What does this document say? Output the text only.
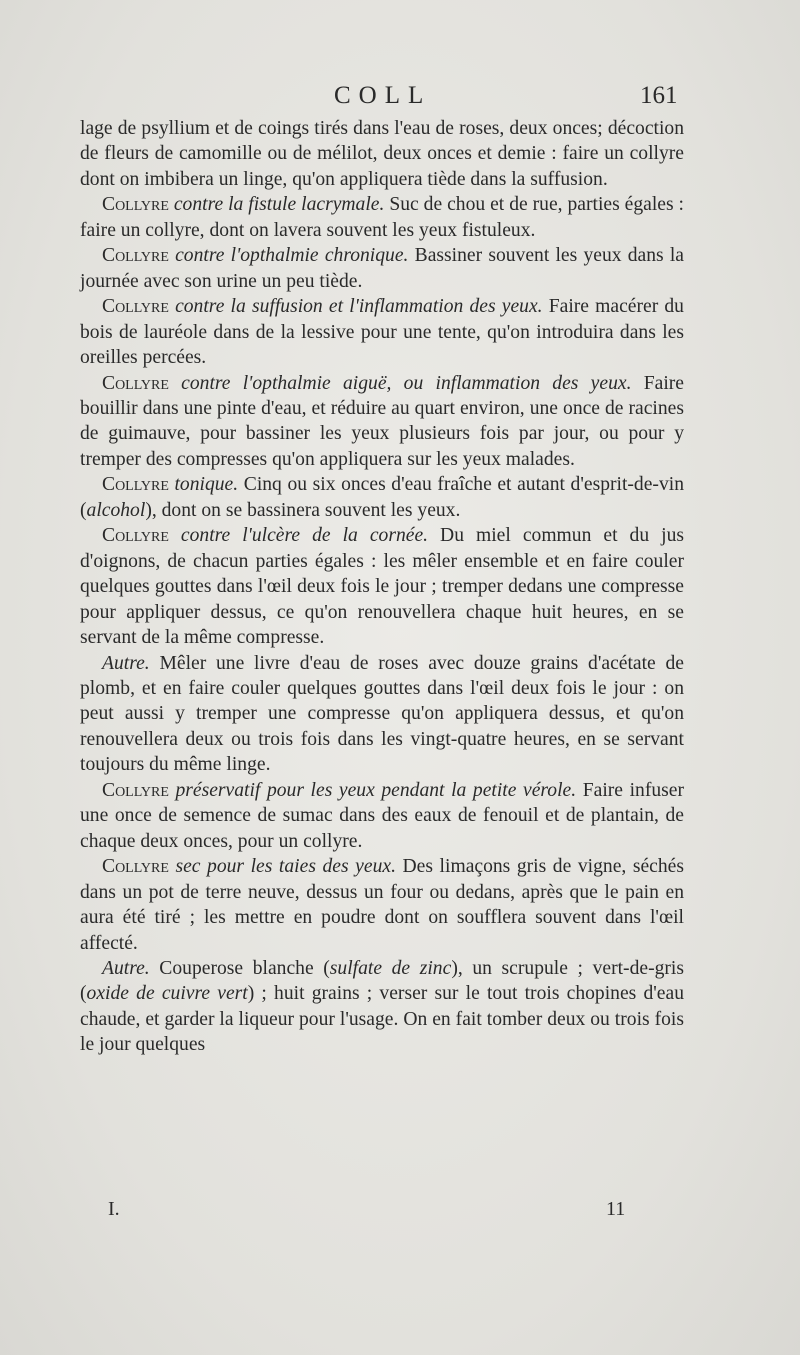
COLL	161

lage de psyllium et de coings tirés dans l'eau de roses, deux onces; décoction de fleurs de camomille ou de mélilot, deux onces et demie : faire un collyre dont on imbibera un linge, qu'on appliquera tiède dans la suffusion.

Collyre contre la fistule lacrymale. Suc de chou et de rue, parties égales : faire un collyre, dont on lavera souvent les yeux fistuleux.

Collyre contre l'opthalmie chronique. Bassiner souvent les yeux dans la journée avec son urine un peu tiède.

Collyre contre la suffusion et l'inflammation des yeux. Faire macérer du bois de lauréole dans de la lessive pour une tente, qu'on introduira dans les oreilles percées.

Collyre contre l'opthalmie aiguë, ou inflammation des yeux. Faire bouillir dans une pinte d'eau, et réduire au quart environ, une once de racines de guimauve, pour bassiner les yeux plusieurs fois par jour, ou pour y tremper des compresses qu'on appliquera sur les yeux malades.

Collyre tonique. Cinq ou six onces d'eau fraîche et autant d'esprit-de-vin (alcohol), dont on se bassinera souvent les yeux.

Collyre contre l'ulcère de la cornée. Du miel commun et du jus d'oignons, de chacun parties égales : les mêler ensemble et en faire couler quelques gouttes dans l'œil deux fois le jour ; tremper dedans une compresse pour appliquer dessus, ce qu'on renouvellera chaque huit heures, en se servant de la même compresse.

Autre. Mêler une livre d'eau de roses avec douze grains d'acétate de plomb, et en faire couler quelques gouttes dans l'œil deux fois le jour : on peut aussi y tremper une compresse qu'on appliquera dessus, et qu'on renouvellera deux ou trois fois dans les vingt-quatre heures, en se servant toujours du même linge.

Collyre préservatif pour les yeux pendant la petite vérole. Faire infuser une once de semence de sumac dans des eaux de fenouil et de plantain, de chaque deux onces, pour un collyre.

Collyre sec pour les taies des yeux. Des limaçons gris de vigne, séchés dans un pot de terre neuve, dessus un four ou dedans, après que le pain en aura été tiré ; les mettre en poudre dont on soufflera souvent dans l'œil affecté.

Autre. Couperose blanche (sulfate de zinc), un scrupule ; vert-de-gris (oxide de cuivre vert) ; huit grains ; verser sur le tout trois chopines d'eau chaude, et garder la liqueur pour l'usage. On en fait tomber deux ou trois fois le jour quelques

I.	11
